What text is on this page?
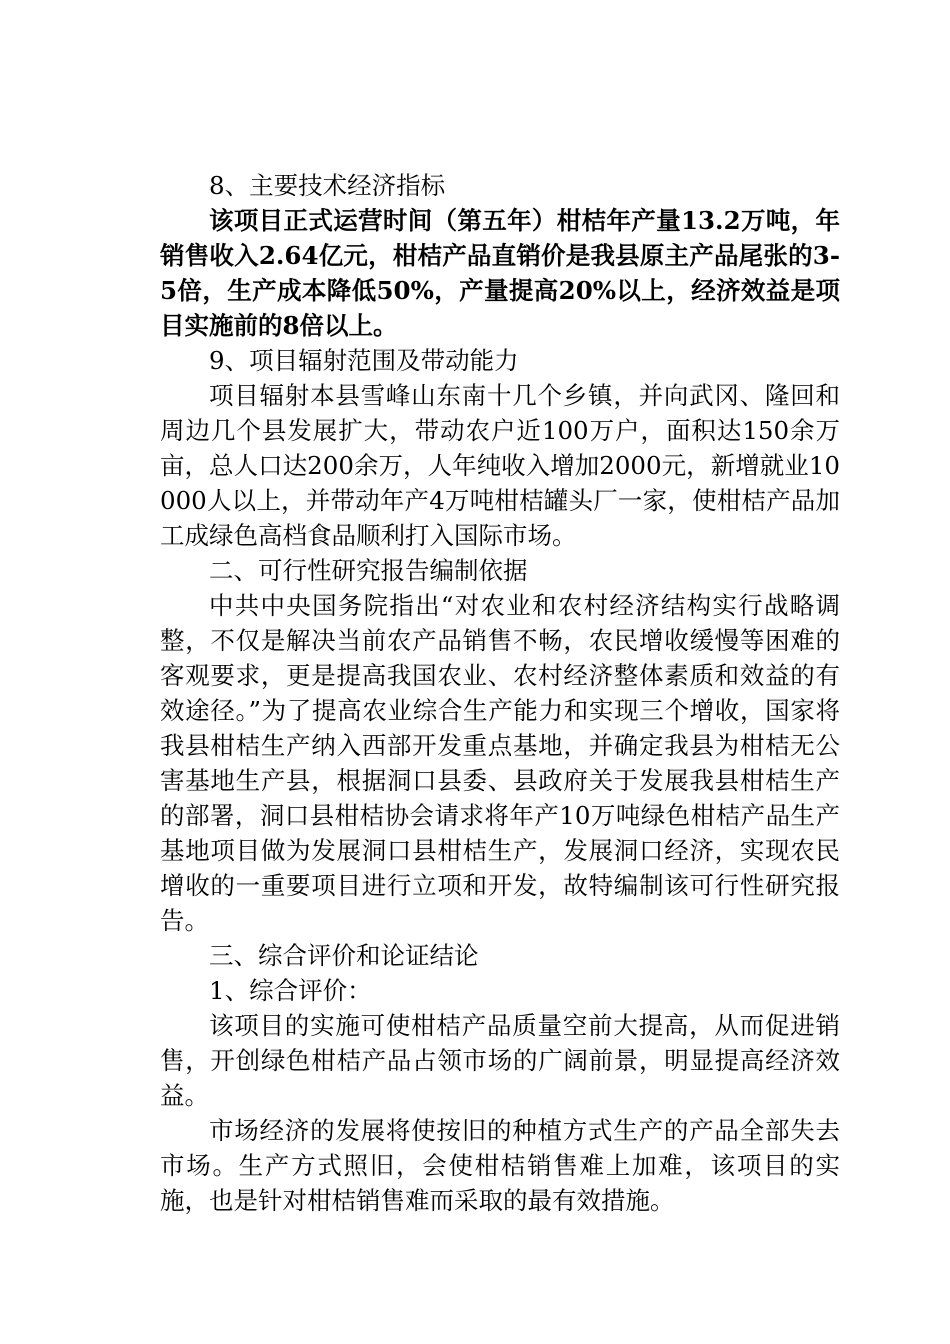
8、主要技术经济指标

该项目正式运营时间（第五年）柑桔年产量13.2万吨，年销售收入2.64亿元，柑桔产品直销价是我县原主产品尾张的3-5倍，生产成本降低50%，产量提高20%以上，经济效益是项目实施前的8倍以上。

9、项目辐射范围及带动能力

项目辐射本县雪峰山东南十几个乡镇，并向武冈、隆回和周边几个县发展扩大，带动农户近100万户，面积达150余万亩，总人口达200余万，人年纯收入增加2000元，新增就业10000人以上，并带动年产4万吨柑桔罐头厂一家，使柑桔产品加工成绿色高档食品顺利打入国际市场。

二、可行性研究报告编制依据

中共中央国务院指出“对农业和农村经济结构实行战略调整，不仅是解决当前农产品销售不畅，农民增收缓慢等困难的客观要求，更是提高我国农业、农村经济整体素质和效益的有效途径。”为了提高农业综合生产能力和实现三个增收，国家将我县柑桔生产纳入西部开发重点基地，并确定我县为柑桔无公害基地生产县，根据洞口县委、县政府关于发展我县柑桔生产的部署，洞口县柑桔协会请求将年产10万吨绿色柑桔产品生产基地项目做为发展洞口县柑桔生产，发展洞口经济，实现农民增收的一重要项目进行立项和开发，故特编制该可行性研究报告。

三、综合评价和论证结论

1、综合评价：

该项目的实施可使柑桔产品质量空前大提高，从而促进销售，开创绿色柑桔产品占领市场的广阔前景，明显提高经济效益。

市场经济的发展将使按旧的种植方式生产的产品全部失去市场。生产方式照旧，会使柑桔销售难上加难，该项目的实施，也是针对柑桔销售难而采取的最有效措施。
